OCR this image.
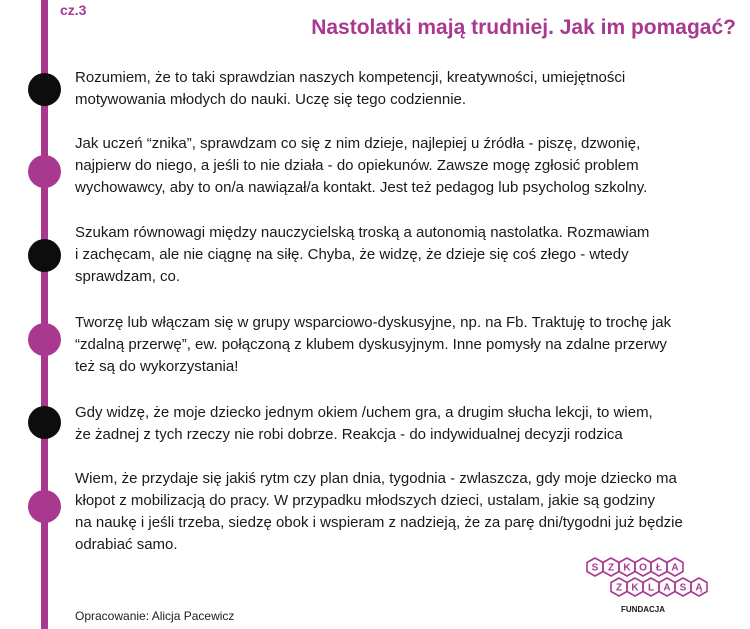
cz.3
Nastolatki mają trudniej. Jak im pomagać?
Rozumiem, że to taki sprawdzian naszych kompetencji, kreatywności, umiejętności
motywowania młodych do nauki. Uczę się tego codziennie.
Jak uczeń “znika”, sprawdzam co się z nim dzieje, najlepiej u źródła - piszę, dzwonię,
najpierw do niego, a jeśli to nie działa - do opiekunów. Zawsze mogę zgłosić problem
wychowawcy, aby to on/a nawiązał/a kontakt. Jest też pedagog lub psycholog szkolny.
Szukam równowagi między nauczycielską troską a autonomią nastolatka. Rozmawiam
i zachęcam, ale nie ciągnę na siłę. Chyba, że widzę, że dzieje się coś złego - wtedy
sprawdzam, co.
Tworzę lub włączam się w grupy wsparciowo-dyskusyjne, np. na Fb. Traktuję to trochę jak
“zdalną przerwę”, ew. połączoną z klubem dyskusyjnym. Inne pomysły na zdalne przerwy
też są do wykorzystania!
Gdy widzę, że moje dziecko jednym okiem /uchem gra, a drugim słucha lekcji, to wiem,
że żadnej z tych rzeczy nie robi dobrze. Reakcja - do indywidualnej decyzji rodzica
Wiem, że przydaje się jakiś rytm czy plan dnia, tygodnia - zwlaszcza, gdy moje dziecko ma
kłopot z mobilizacją do pracy. W przypadku młodszych dzieci, ustalam, jakie są godziny
na naukę i jeśli trzeba, siedzę obok i wspieram z nadzieją, że za parę dni/tygodni już będzie
odrabiać samo.
Opracowanie: Alicja Pacewicz
S Z K O Ł A
Z K L A S Ą
FUNDACJA
